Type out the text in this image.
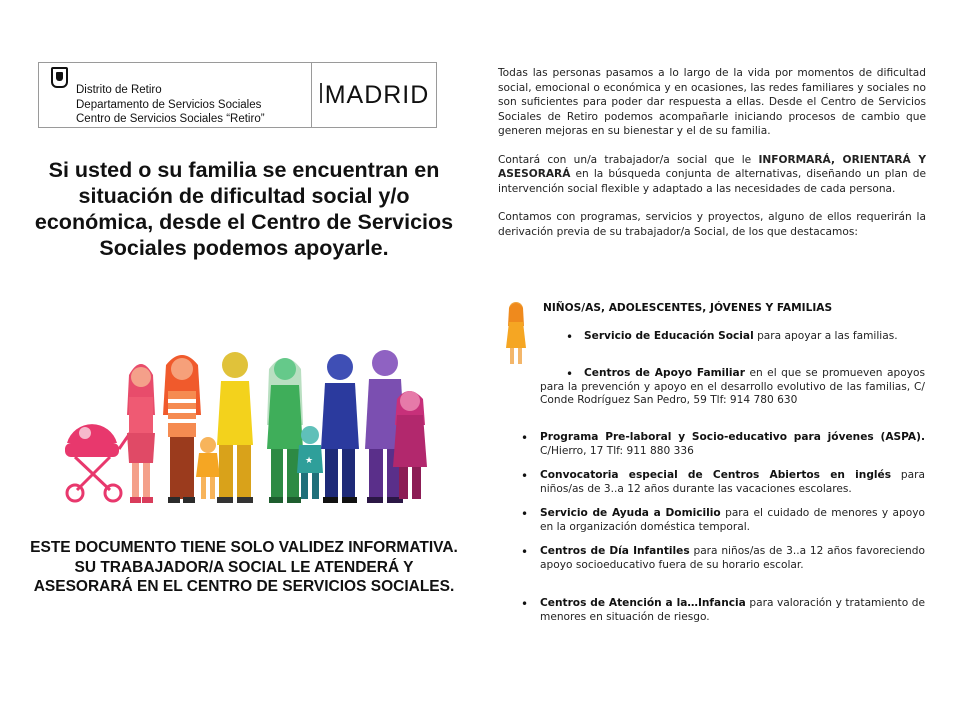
Distrito de Retiro
Departamento de Servicios Sociales
Centro de Servicios Sociales “Retiro”
MADRID
Si usted o su familia se encuentran en situación de dificultad social y/o económica, desde el Centro de Servicios Sociales podemos apoyarle.
★
ESTE DOCUMENTO TIENE SOLO VALIDEZ INFORMATIVA. SU TRABAJADOR/A SOCIAL LE ATENDERÁ Y ASESORARÁ EN EL CENTRO DE SERVICIOS SOCIALES.

Todas las personas pasamos a lo largo de la vida por momentos de dificultad social, emocional o económica y en ocasiones, las redes familiares y sociales no son suficientes para poder dar respuesta a ellas. Desde el Centro de Servicios Sociales de Retiro podemos acompañarle iniciando procesos de cambio que generen mejoras en su bienestar y el de su familia.

Contará con un/a trabajador/a social que le INFORMARÁ, ORIENTARÁ Y ASESORARÁ en la búsqueda conjunta de alternativas, diseñando un plan de intervención social flexible y adaptado a las necesidades de cada persona.

Contamos con programas, servicios y proyectos, alguno de ellos requerirán la derivación previa de su trabajador/a Social, de los que destacamos:

NIÑOS/AS, ADOLESCENTES, JÓVENES Y FAMILIAS
• Servicio de Educación Social para apoyar a las familias.
•	Centros de Apoyo Familiar en el que se promueven apoyos para la prevención y apoyo en el desarrollo evolutivo de las familias, C/ Conde Rodríguez San Pedro, 59 Tlf: 914 780 630
• Programa Pre-laboral y Socio-educativo para jóvenes (ASPA). C/Hierro, 17 Tlf: 911 880 336
• Convocatoria especial de Centros Abiertos en inglés para niños/as de 3..a 12 años durante las vacaciones escolares.
• Servicio de Ayuda a Domicilio para el cuidado de menores y apoyo en la organización doméstica temporal.
• Centros de Día Infantiles para niños/as de 3..a 12 años favoreciendo apoyo socioeducativo fuera de su horario escolar.
• Centros de Atención a la…Infancia para valoración y tratamiento de menores en situación de riesgo.
